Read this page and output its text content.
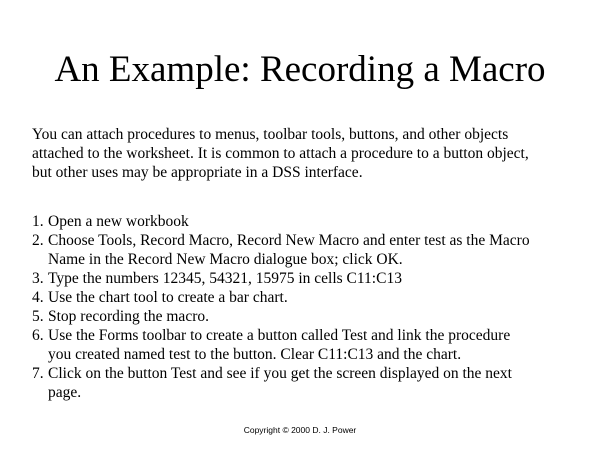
An Example: Recording a Macro

You can attach procedures to menus, toolbar tools, buttons, and other objects
attached to the worksheet. It is common to attach a procedure to a button object,
but other uses may be appropriate in a DSS interface.

1. Open a new workbook
2. Choose Tools, Record Macro, Record New Macro and enter test as the Macro
Name in the Record New Macro dialogue box; click OK.
3. Type the numbers 12345, 54321, 15975 in cells C11:C13
4. Use the chart tool to create a bar chart.
5. Stop recording the macro.
6. Use the Forms toolbar to create a button called Test and link the procedure
you created named test to the button. Clear C11:C13 and the chart.
7. Click on the button Test and see if you get the screen displayed on the next
page.
Copyright © 2000 D. J. Power
